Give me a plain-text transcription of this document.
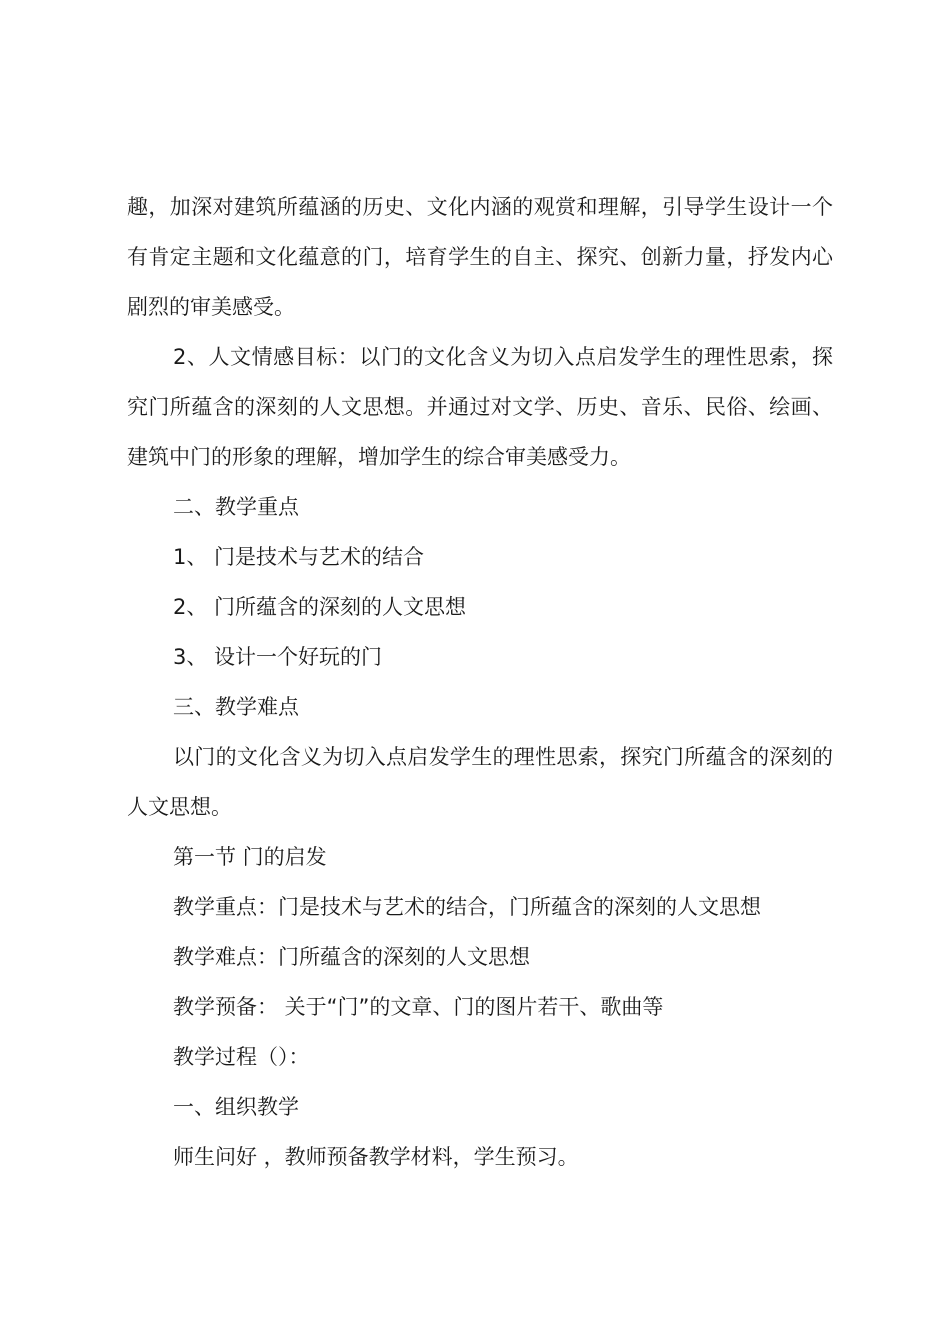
趣，加深对建筑所蕴涵的历史、文化内涵的观赏和理解，引导学生设计一个有肯定主题和文化蕴意的门，培育学生的自主、探究、创新力量，抒发内心剧烈的审美感受。

2、人文情感目标：以门的文化含义为切入点启发学生的理性思索，探究门所蕴含的深刻的人文思想。并通过对文学、历史、音乐、民俗、绘画、建筑中门的形象的理解，增加学生的综合审美感受力。

二、教学重点

1、 门是技术与艺术的结合

2、 门所蕴含的深刻的人文思想

3、 设计一个好玩的门

三、教学难点

以门的文化含义为切入点启发学生的理性思索，探究门所蕴含的深刻的人文思想。

第一节 门的启发

教学重点：门是技术与艺术的结合，门所蕴含的深刻的人文思想

教学难点：门所蕴含的深刻的人文思想

教学预备： 关于“门”的文章、门的图片若干、歌曲等

教学过程（）：

一、组织教学

师生问好 ，教师预备教学材料，学生预习。
